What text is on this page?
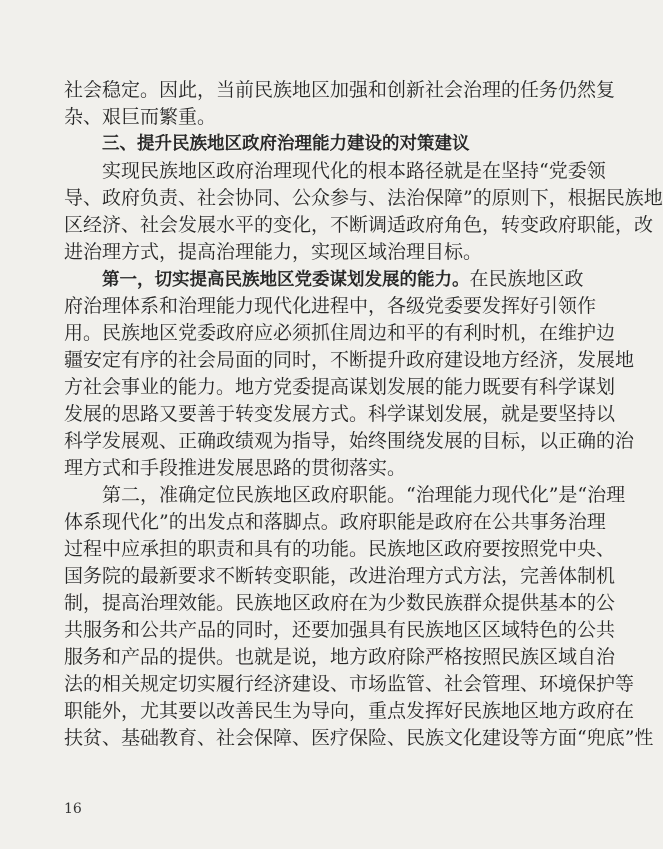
社会稳定。因此，当前民族地区加强和创新社会治理的任务仍然复
杂、艰巨而繁重。
三、提升民族地区政府治理能力建设的对策建议
实现民族地区政府治理现代化的根本路径就是在坚持“党委领
导、政府负责、社会协同、公众参与、法治保障”的原则下，根据民族地
区经济、社会发展水平的变化，不断调适政府角色，转变政府职能，改
进治理方式，提高治理能力，实现区域治理目标。
第一，切实提高民族地区党委谋划发展的能力。在民族地区政
府治理体系和治理能力现代化进程中，各级党委要发挥好引领作
用。民族地区党委政府应必须抓住周边和平的有利时机，在维护边
疆安定有序的社会局面的同时，不断提升政府建设地方经济，发展地
方社会事业的能力。地方党委提高谋划发展的能力既要有科学谋划
发展的思路又要善于转变发展方式。科学谋划发展，就是要坚持以
科学发展观、正确政绩观为指导，始终围绕发展的目标，以正确的治
理方式和手段推进发展思路的贯彻落实。
第二，准确定位民族地区政府职能。“治理能力现代化”是“治理
体系现代化”的出发点和落脚点。政府职能是政府在公共事务治理
过程中应承担的职责和具有的功能。民族地区政府要按照党中央、
国务院的最新要求不断转变职能，改进治理方式方法，完善体制机
制，提高治理效能。民族地区政府在为少数民族群众提供基本的公
共服务和公共产品的同时，还要加强具有民族地区区域特色的公共
服务和产品的提供。也就是说，地方政府除严格按照民族区域自治
法的相关规定切实履行经济建设、市场监管、社会管理、环境保护等
职能外，尤其要以改善民生为导向，重点发挥好民族地区地方政府在
扶贫、基础教育、社会保障、医疗保险、民族文化建设等方面“兜底”性
16
